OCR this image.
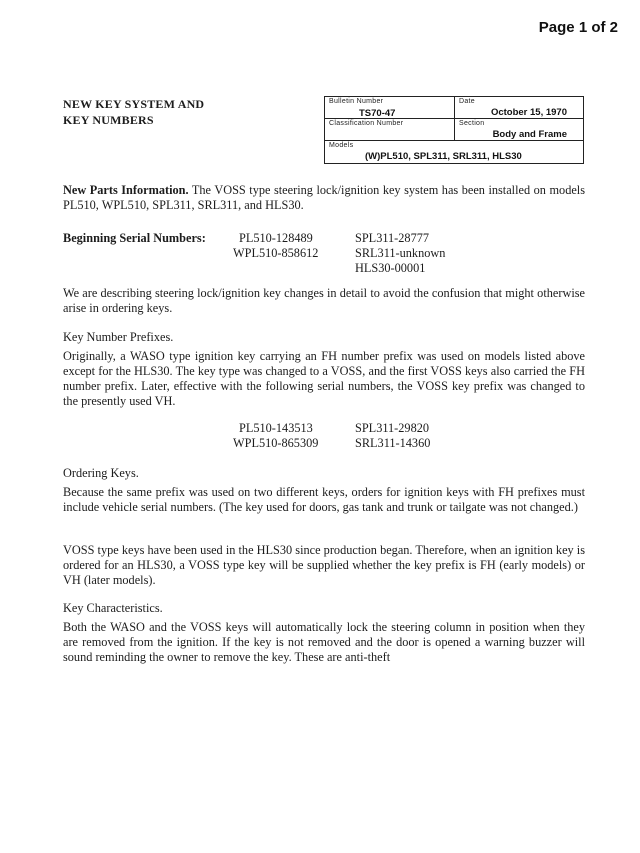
Page 1 of 2
NEW KEY SYSTEM AND
KEY NUMBERS
Bulletin Number
TS70-47
Date
October 15, 1970
Classification Number	Section
Body and Frame
Models
(W)PL510, SPL311, SRL311, HLS30

New Parts Information. The VOSS type steering lock/ignition key system has been installed on models PL510, WPL510, SPL311, SRL311, and HLS30.

Beginning Serial Numbers:	PL510-128489
WPL510-858612
SPL311-28777
SRL311-unknown
HLS30-00001

We are describing steering lock/ignition key changes in detail to avoid the confusion that might otherwise arise in ordering keys.

Key Number Prefixes.

Originally, a WASO type ignition key carrying an FH number prefix was used on models listed above except for the HLS30. The key type was changed to a VOSS, and the first VOSS keys also carried the FH number prefix. Later, effective with the following serial numbers, the VOSS key prefix was changed to the presently used VH.

PL510-143513
WPL510-865309
SPL311-29820
SRL311-14360

Ordering Keys.

Because the same prefix was used on two different keys, orders for ignition keys with FH prefixes must include vehicle serial numbers. (The key used for doors, gas tank and trunk or tailgate was not changed.)

VOSS type keys have been used in the HLS30 since production began. Therefore, when an ignition key is ordered for an HLS30, a VOSS type key will be supplied whether the key prefix is FH (early models) or VH (later models).

Key Characteristics.

Both the WASO and the VOSS keys will automatically lock the steering column in position when they are removed from the ignition. If the key is not removed and the door is opened a warning buzzer will sound reminding the owner to remove the key. These are anti-theft
